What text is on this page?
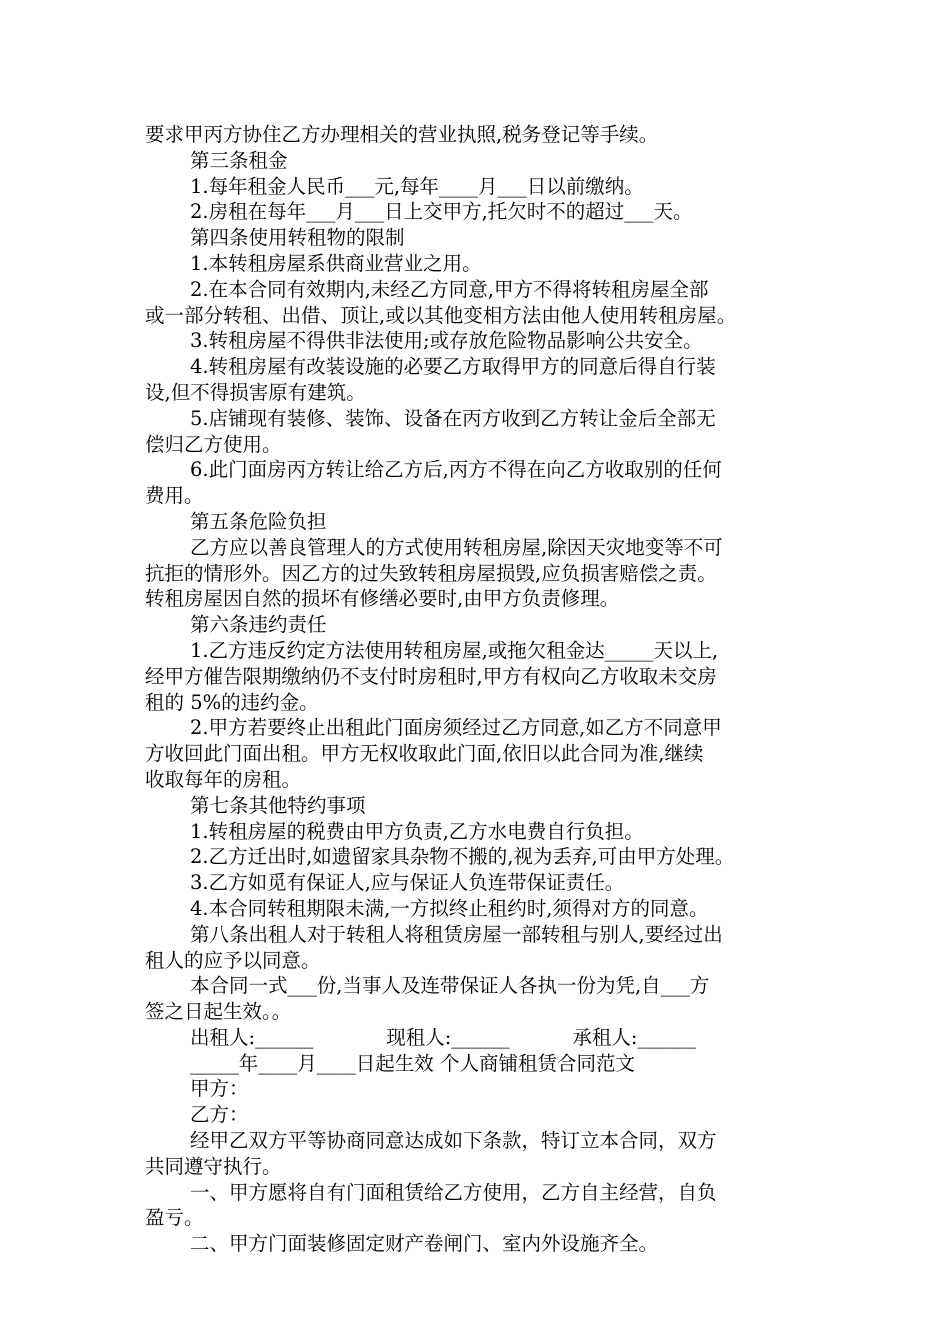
要求甲丙方协住乙方办理相关的营业执照,税务登记等手续。
第三条租金
1.每年租金人民币___元,每年____月___日以前缴纳。
2.房租在每年___月___日上交甲方,托欠时不的超过___天。
第四条使用转租物的限制
1.本转租房屋系供商业营业之用。
2.在本合同有效期内,未经乙方同意,甲方不得将转租房屋全部
或一部分转租、出借、顶让,或以其他变相方法由他人使用转租房屋。
3.转租房屋不得供非法使用;或存放危险物品影响公共安全。
4.转租房屋有改装设施的必要乙方取得甲方的同意后得自行装
设,但不得损害原有建筑。
5.店铺现有装修、装饰、设备在丙方收到乙方转让金后全部无
偿归乙方使用。
6.此门面房丙方转让给乙方后,丙方不得在向乙方收取别的任何
费用。
第五条危险负担
乙方应以善良管理人的方式使用转租房屋,除因天灾地变等不可
抗拒的情形外。因乙方的过失致转租房屋损毁,应负损害赔偿之责。
转租房屋因自然的损坏有修缮必要时,由甲方负责修理。
第六条违约责任
1.乙方违反约定方法使用转租房屋,或拖欠租金达_____天以上,
经甲方催告限期缴纳仍不支付时房租时,甲方有权向乙方收取未交房
租的 5%的违约金。
2.甲方若要终止出租此门面房须经过乙方同意,如乙方不同意甲
方收回此门面出租。甲方无权收取此门面,依旧以此合同为准,继续
收取每年的房租。
第七条其他特约事项
1.转租房屋的税费由甲方负责,乙方水电费自行负担。
2.乙方迁出时,如遗留家具杂物不搬的,视为丢弃,可由甲方处理。
3.乙方如觅有保证人,应与保证人负连带保证责任。
4.本合同转租期限未满,一方拟终止租约时,须得对方的同意。
第八条出租人对于转租人将租赁房屋一部转租与别人,要经过出
租人的应予以同意。
本合同一式___份,当事人及连带保证人各执一份为凭,自___方
签之日起生效。。
出租人:______	现租人:______	承租人:______
_____年____月____日起生效 个人商铺租赁合同范文
甲方：
乙方：
经甲乙双方平等协商同意达成如下条款，特订立本合同，双方
共同遵守执行。
一、甲方愿将自有门面租赁给乙方使用，乙方自主经营，自负
盈亏。
二、甲方门面装修固定财产卷闸门、室内外设施齐全。
